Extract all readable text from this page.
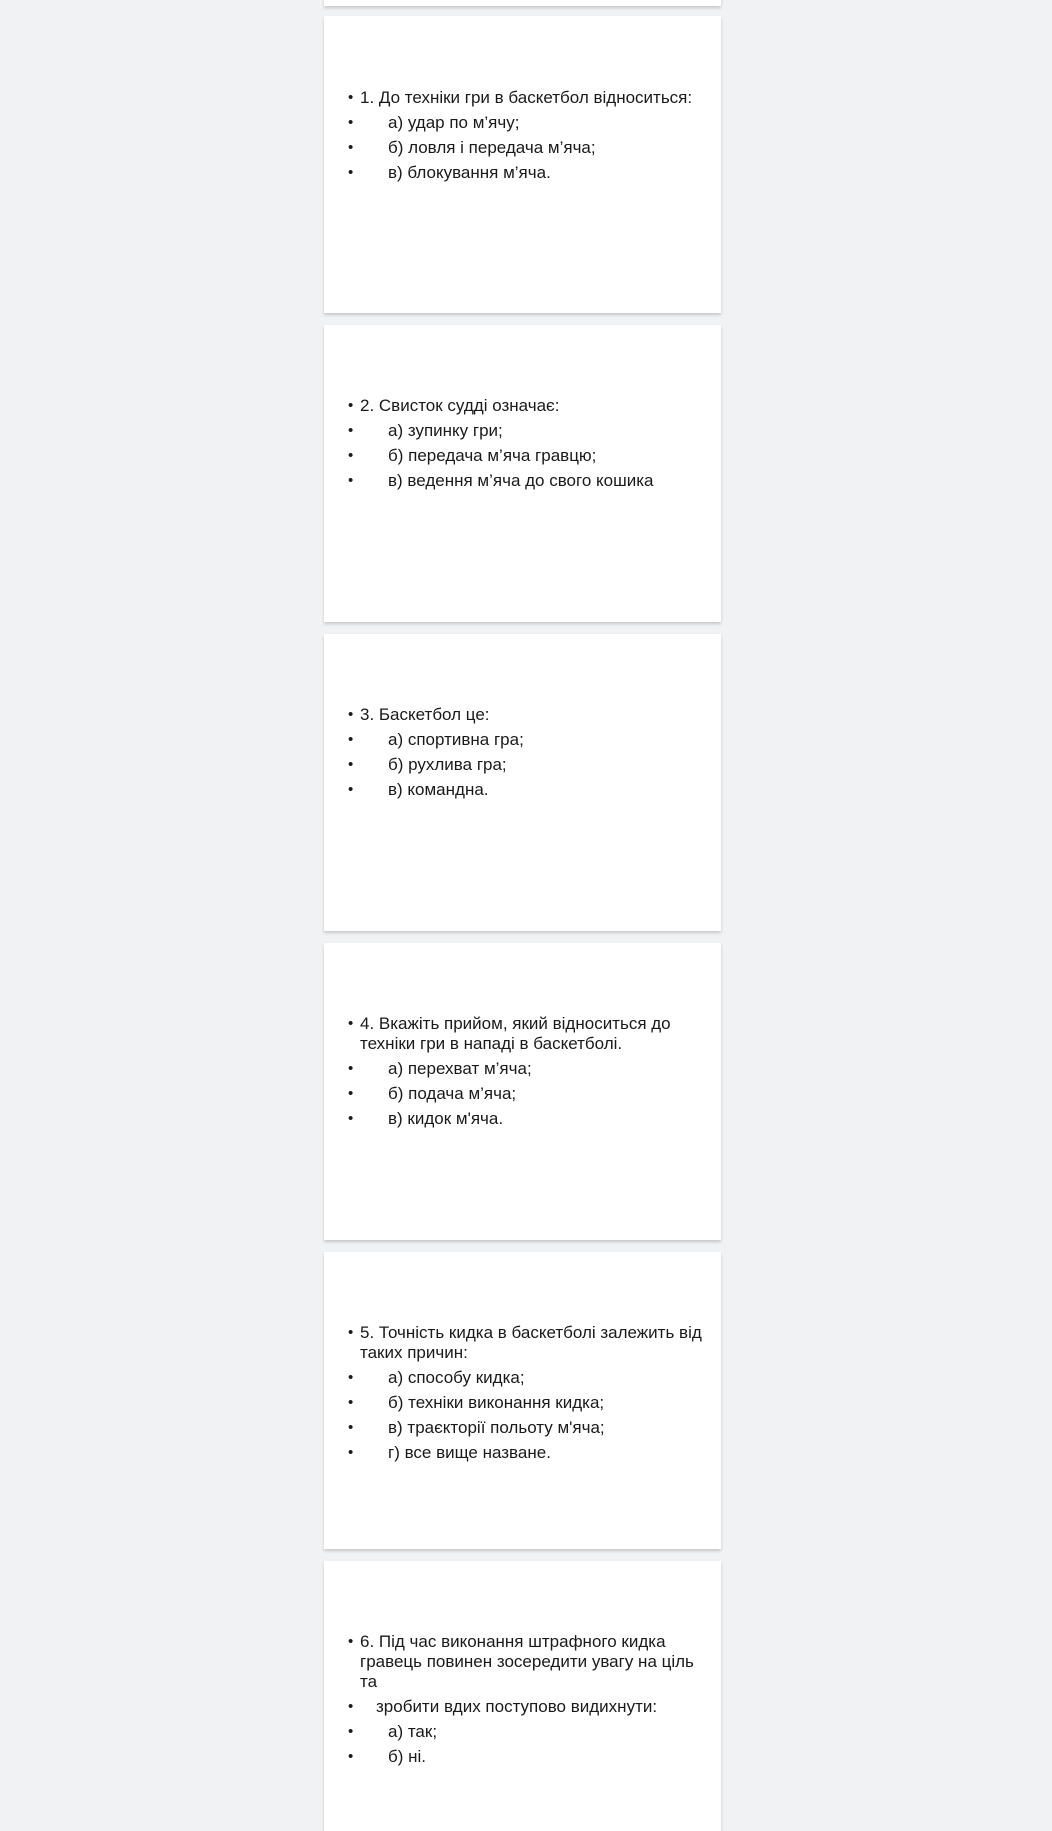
• 1. До техніки гри в баскетбол відноситься:
•	а) удар по м’ячу;
•	б) ловля і передача м’яча;
•	в) блокування м’яча.
• 2. Свисток судді означає:
•	а) зупинку гри;
•	б) передача м’яча гравцю;
•	в) ведення м’яча до свого кошика
• 3. Баскетбол це:
•	а) спортивна гра;
•	б) рухлива гра;
•	в) командна.
• 4. Вкажіть прийом, який відноситься до техніки гри в нападі в баскетболі.
•	а) перехват м’яча;
•	б) подача м’яча;
•	в) кидок м'яча.
• 5. Точність кидка в баскетболі залежить від таких причин:
•	а) способу кидка;
•	б) техніки виконання кидка;
•	в) траєкторії польоту м'яча;
•	г) все вище назване.
• 6. Під час виконання штрафного кидка гравець повинен зосередити увагу на ціль та
•	зробити вдих поступово видихнути:
•	а) так;
•	б) ні.
